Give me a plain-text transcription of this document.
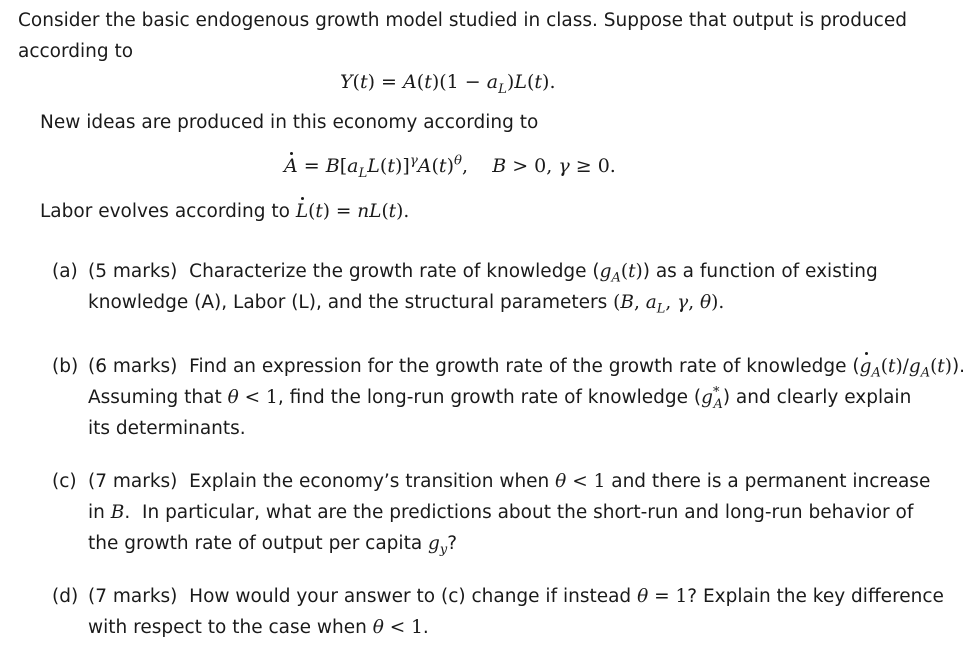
Consider the basic endogenous growth model studied in class. Suppose that output is produced
according to
$Y(t) = A(t)(1 - a_L)L(t)$.
New ideas are produced in this economy according to
$A = B[a_LL(t)]^\gamma A(t)^\theta$,    B > 0, γ ≥ 0.
Labor evolves according to L(t) = nL(t).
(a) (5 marks)  Characterize the growth rate of knowledge $(g_A(t))$ as a function of existing
knowledge (A), Labor (L), and the structural parameters (B, $a_L$, γ, θ).
(b) (6 marks)  Find an expression for the growth rate of the growth rate of knowledge $(g_A(t)/g_A(t))$.
Assuming that θ < 1, find the long-run growth rate of knowledge $(g^*_A)$ and clearly explain
its determinants.
(c) (7 marks)  Explain the economy’s transition when θ < 1 and there is a permanent increase
in B.  In particular, what are the predictions about the short-run and long-run behavior of
the growth rate of output per capita $g_y$?
(d) (7 marks)  How would your answer to (c) change if instead θ = 1? Explain the key difference
with respect to the case when θ < 1.
